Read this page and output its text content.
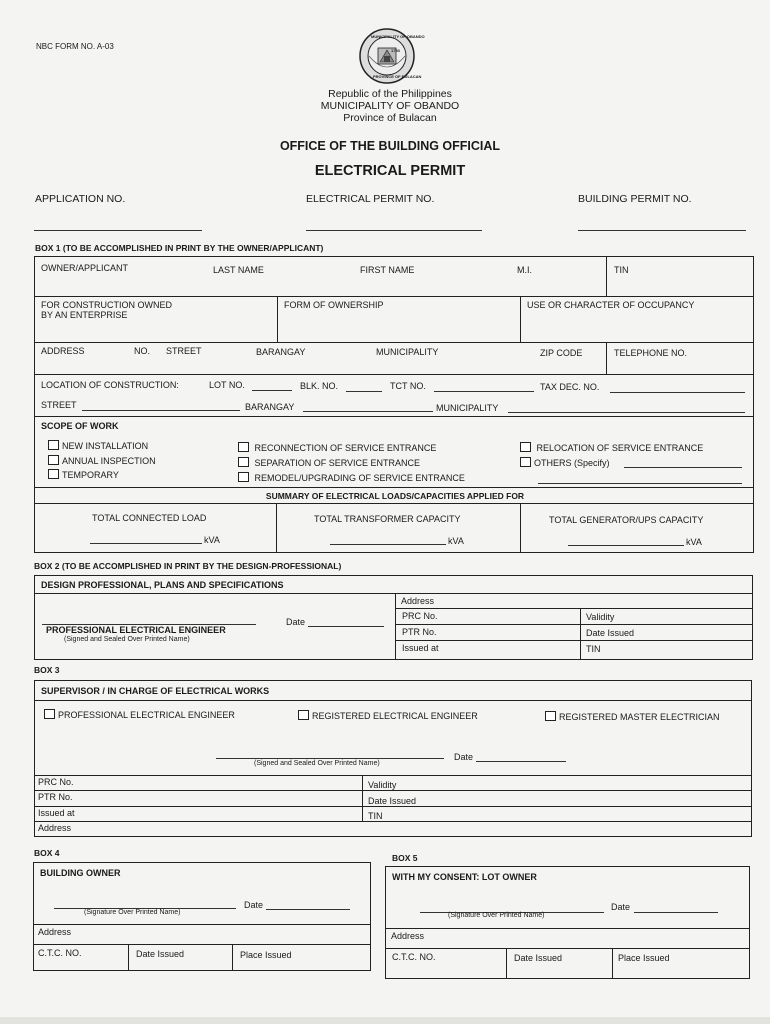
NBC FORM NO. A-03
MUNICIPALITY OF OBANDO
1753
PROVINCE OF BULACAN
Republic of the Philippines
MUNICIPALITY OF OBANDO
Province of Bulacan
OFFICE OF THE BUILDING OFFICIAL
ELECTRICAL PERMIT
APPLICATION NO.	ELECTRICAL PERMIT NO.	BUILDING PERMIT NO.
BOX 1 (TO BE ACCOMPLISHED IN PRINT BY THE OWNER/APPLICANT)
OWNER/APPLICANT	LAST NAME	FIRST NAME	M.I.	TIN
FOR CONSTRUCTION OWNED
BY AN ENTERPRISE
FORM OF OWNERSHIP	USE OR CHARACTER OF OCCUPANCY
ADDRESS	NO. STREET	BARANGAY	MUNICIPALITY	ZIP CODE	TELEPHONE NO.
LOCATION OF CONSTRUCTION:	LOT NO.	BLK. NO.	TCT NO.	TAX DEC. NO.
STREET	BARANGAY	MUNICIPALITY
SCOPE OF WORK
NEW INSTALLATION
ANNUAL INSPECTION
TEMPORARY
RECONNECTION OF SERVICE ENTRANCE
SEPARATION OF SERVICE ENTRANCE
REMODEL/UPGRADING OF SERVICE ENTRANCE
RELOCATION OF SERVICE ENTRANCE
OTHERS (Specify)
SUMMARY OF ELECTRICAL LOADS/CAPACITIES APPLIED FOR
TOTAL CONNECTED LOAD	TOTAL TRANSFORMER CAPACITY	TOTAL GENERATOR/UPS CAPACITY
kVA	kVA	kVA
BOX 2 (TO BE ACCOMPLISHED IN PRINT BY THE DESIGN-PROFESSIONAL)
DESIGN PROFESSIONAL, PLANS AND SPECIFICATIONS
PROFESSIONAL ELECTRICAL ENGINEER
(Signed and Sealed Over Printed Name)
Date
Address
PRC No.	Validity
PTR No.	Date Issued
Issued at	TIN
BOX 3
SUPERVISOR / IN CHARGE OF ELECTRICAL WORKS
PROFESSIONAL ELECTRICAL ENGINEER	REGISTERED ELECTRICAL ENGINEER	REGISTERED MASTER ELECTRICIAN
(Signed and Sealed Over Printed Name)
Date
PRC No.	Validity
PTR No.	Date Issued
Issued at	TIN
Address
BOX 4
BUILDING OWNER
Date
(Signature Over Printed Name)
Address
C.T.C. NO.	Date Issued	Place Issued
BOX 5
WITH MY CONSENT: LOT OWNER
Date
(Signature Over Printed Name)
Address
C.T.C. NO.	Date Issued	Place Issued
